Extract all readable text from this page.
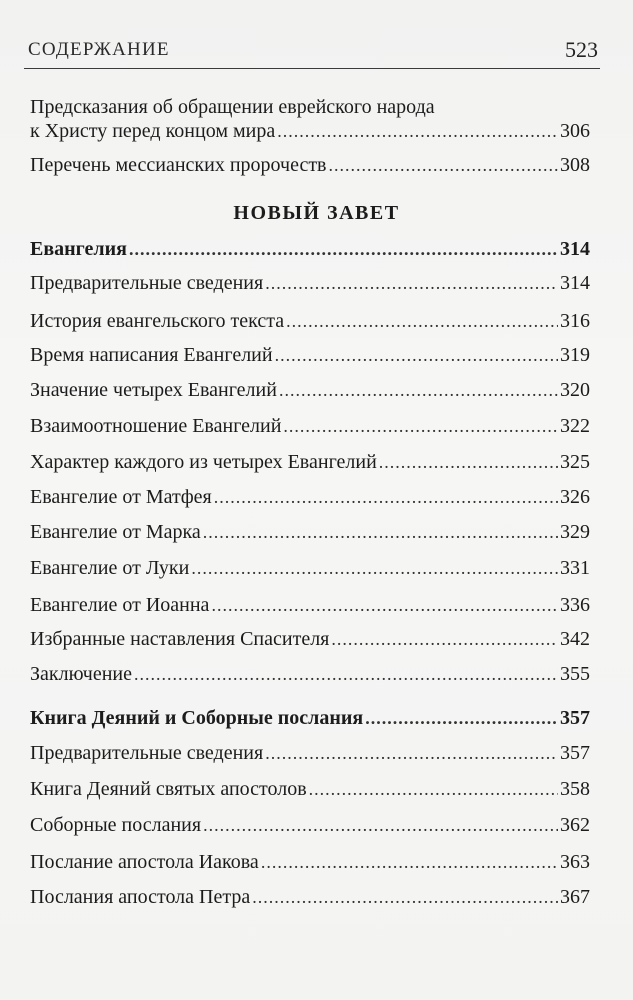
СОДЕРЖАНИЕ	523
Предсказания об обращении еврейского народа
к Христу перед концом мира .....	306
Перечень мессианских пророчеств .....	308
НОВЫЙ ЗАВЕТ
Евангелия .....	314
Предварительные сведения .....	314
История евангельского текста .....	316
Время написания Евангелий .....	319
Значение четырех Евангелий .....	320
Взаимоотношение Евангелий .....	322
Характер каждого из четырех Евангелий .....	325
Евангелие от Матфея .....	326
Евангелие от Марка .....	329
Евангелие от Луки .....	331
Евангелие от Иоанна .....	336
Избранные наставления Спасителя .....	342
Заключение .....	355
Книга Деяний и Соборные послания .....	357
Предварительные сведения .....	357
Книга Деяний святых апостолов .....	358
Соборные послания .....	362
Послание апостола Иакова .....	363
Послания апостола Петра .....	367
